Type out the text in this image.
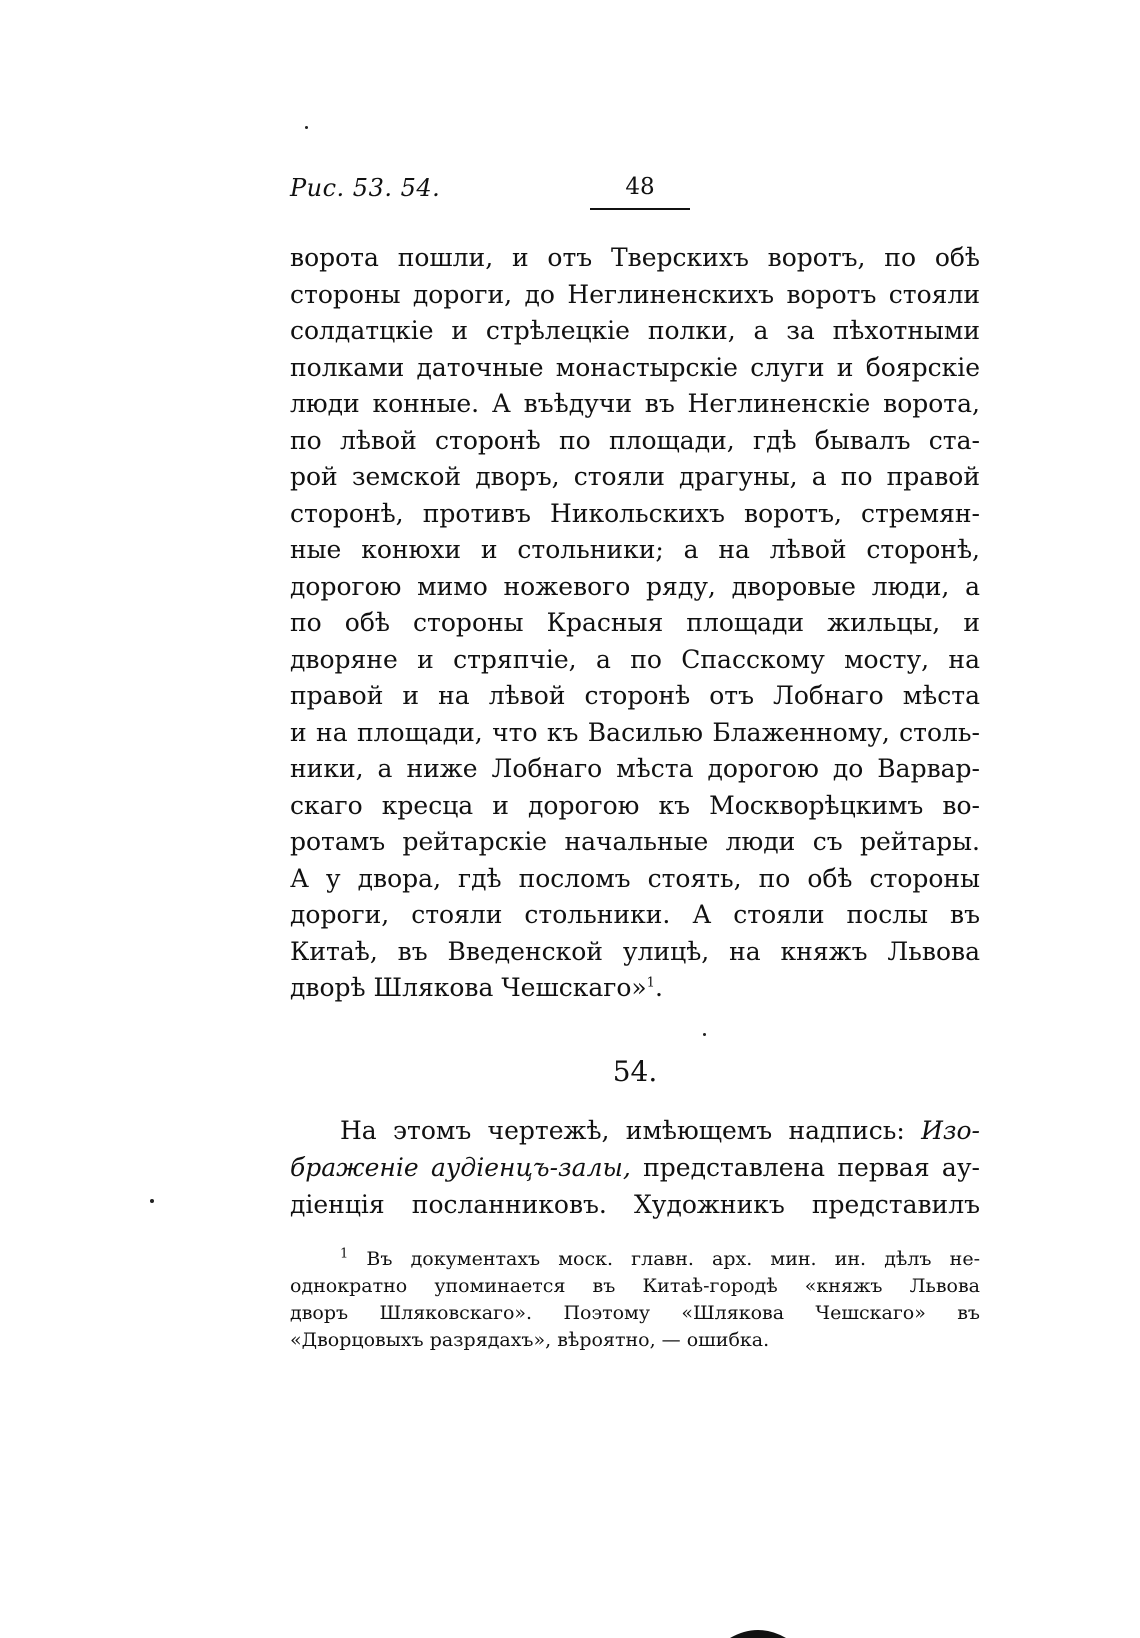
Рис. 53. 54.	48
ворота пошли, и отъ Тверскихъ воротъ, по обѣ
стороны дороги, до Неглиненскихъ воротъ стояли
солдатцкіе и стрѣлецкіе полки, а за пѣхотными
полками даточные монастырскіе слуги и боярскіе
люди конные. А въѣдучи въ Неглиненскіе ворота,
по лѣвой сторонѣ по площади, гдѣ бывалъ ста-
рой земской дворъ, стояли драгуны, а по правой
сторонѣ, противъ Никольскихъ воротъ, стремян-
ные конюхи и стольники; а на лѣвой сторонѣ,
дорогою мимо ножевого ряду, дворовые люди, а
по обѣ стороны Красныя площади жильцы, и
дворяне и стряпчіе, а по Спасскому мосту, на
правой и на лѣвой сторонѣ отъ Лобнаго мѣста
и на площади, что къ Василью Блаженному, столь-
ники, а ниже Лобнаго мѣста дорогою до Варвар-
скаго кресца и дорогою къ Москворѣцкимъ во-
ротамъ рейтарскіе начальные люди съ рейтары.
А у двора, гдѣ посломъ стоять, по обѣ стороны
дороги, стояли стольники. А стояли послы въ
Китаѣ, въ Введенской улицѣ, на княжъ Львова
дворѣ Шлякова Чешскаго»$^1$.
54.
На этомъ чертежѣ, имѣющемъ надпись: Изо-
браженіе аудіенцъ-залы, представлена первая ау-
діенція посланниковъ. Художникъ представилъ
$^1$ Въ документахъ моск. главн. арх. мин. ин. дѣлъ не-
однократно упоминается въ Китаѣ-городѣ «княжъ Львова
дворъ Шляковскаго». Поэтому «Шлякова Чешскаго» въ
«Дворцовыхъ разрядахъ», вѣроятно, — ошибка.
